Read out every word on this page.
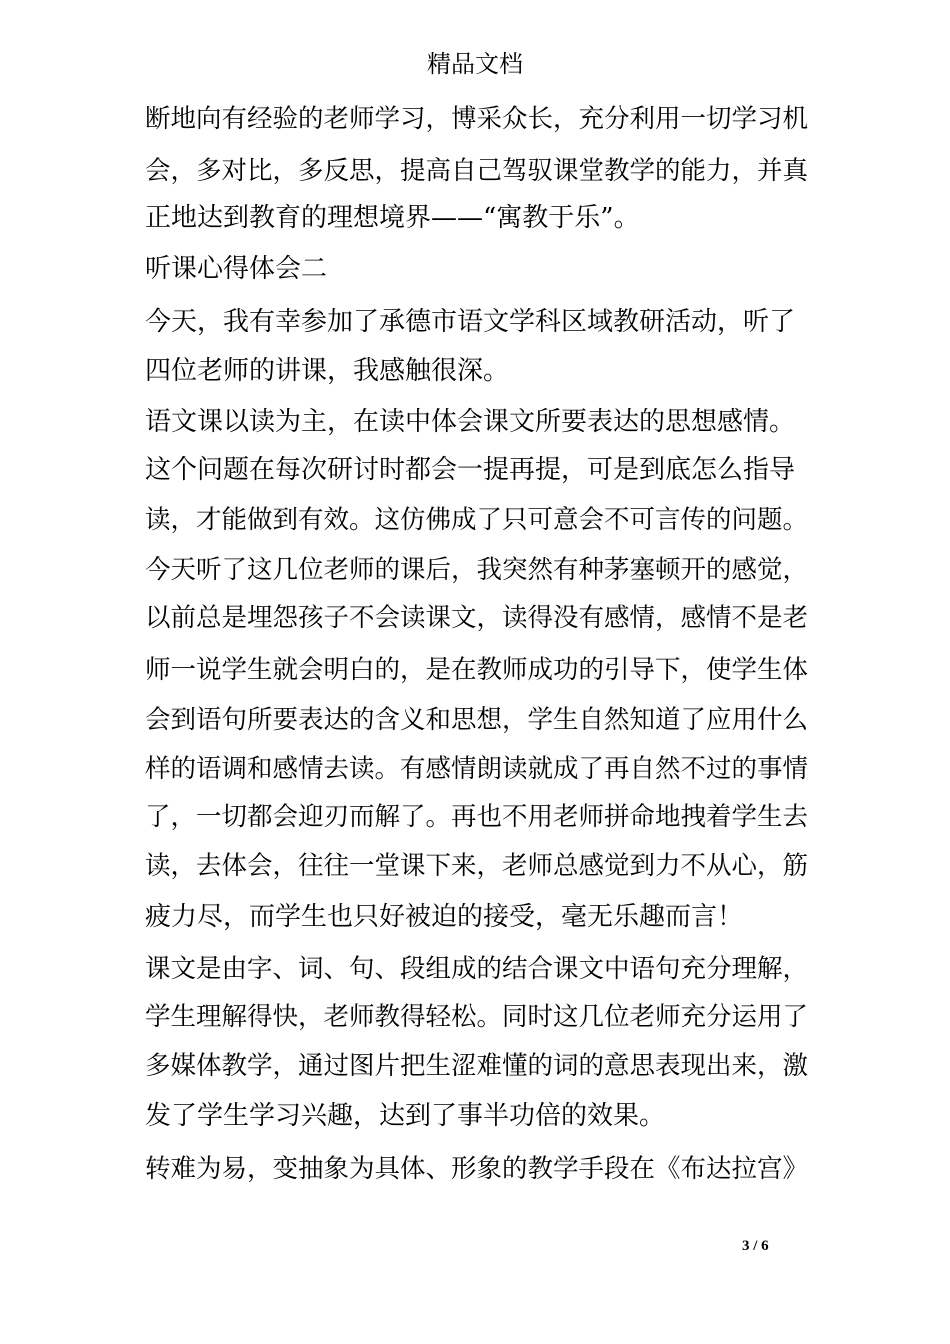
精品文档
断地向有经验的老师学习，博采众长，充分利用一切学习机
会，多对比，多反思，提高自己驾驭课堂教学的能力，并真
正地达到教育的理想境界——“寓教于乐”。
听课心得体会二
今天，我有幸参加了承德市语文学科区域教研活动，听了
四位老师的讲课，我感触很深。
语文课以读为主，在读中体会课文所要表达的思想感情。
这个问题在每次研讨时都会一提再提，可是到底怎么指导
读，才能做到有效。这仿佛成了只可意会不可言传的问题。
今天听了这几位老师的课后，我突然有种茅塞顿开的感觉，
以前总是埋怨孩子不会读课文，读得没有感情，感情不是老
师一说学生就会明白的，是在教师成功的引导下，使学生体
会到语句所要表达的含义和思想，学生自然知道了应用什么
样的语调和感情去读。有感情朗读就成了再自然不过的事情
了，一切都会迎刃而解了。再也不用老师拼命地拽着学生去
读，去体会，往往一堂课下来，老师总感觉到力不从心，筋
疲力尽，而学生也只好被迫的接受，毫无乐趣而言！
课文是由字、词、句、段组成的结合课文中语句充分理解，
学生理解得快，老师教得轻松。同时这几位老师充分运用了
多媒体教学，通过图片把生涩难懂的词的意思表现出来，激
发了学生学习兴趣，达到了事半功倍的效果。
转难为易，变抽象为具体、形象的教学手段在《布达拉宫》
3 / 6
